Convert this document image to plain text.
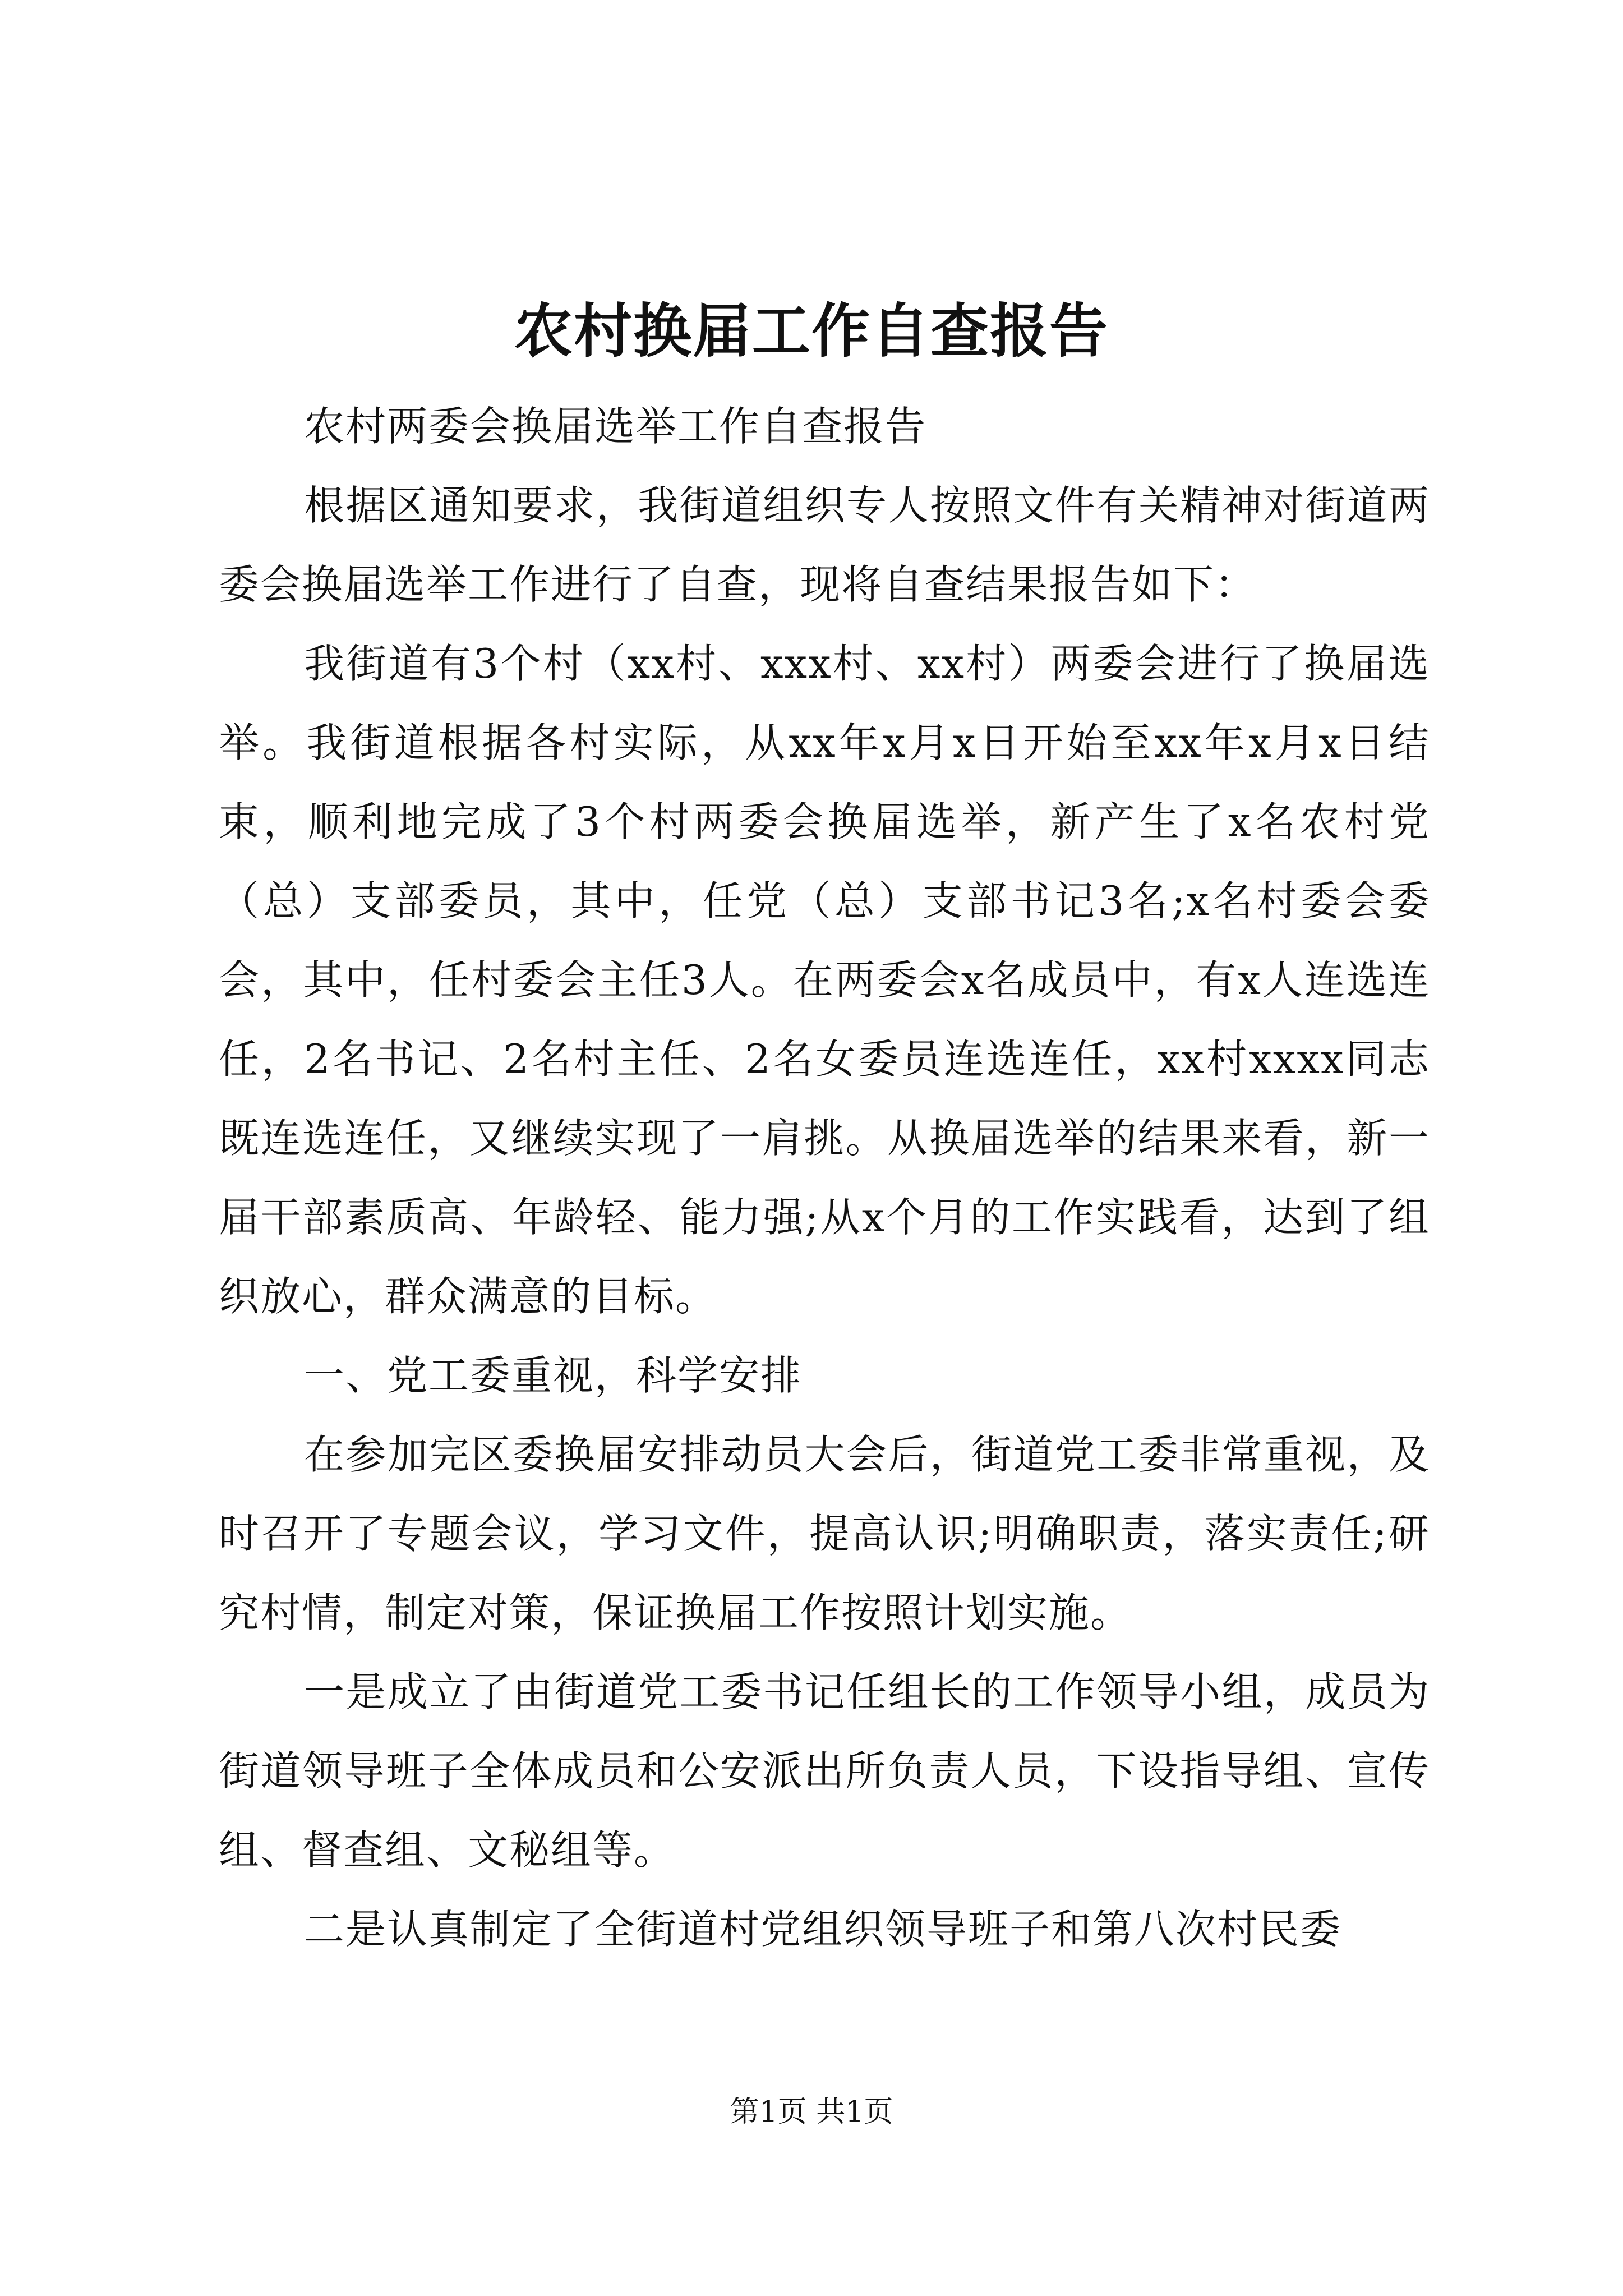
农村换届工作自查报告

农村两委会换届选举工作自查报告

根据区通知要求，我街道组织专人按照文件有关精神对街道两委会换届选举工作进行了自查，现将自查结果报告如下：

我街道有3个村（xx村、xxx村、xx村）两委会进行了换届选举。我街道根据各村实际，从xx年x月x日开始至xx年x月x日结束，顺利地完成了3个村两委会换届选举，新产生了x名农村党（总）支部委员，其中，任党（总）支部书记3名;x名村委会委会，其中，任村委会主任3人。在两委会x名成员中，有x人连选连任，2名书记、2名村主任、2名女委员连选连任，xx村xxxx同志既连选连任，又继续实现了一肩挑。从换届选举的结果来看，新一届干部素质高、年龄轻、能力强;从x个月的工作实践看，达到了组织放心，群众满意的目标。

一、党工委重视，科学安排

在参加完区委换届安排动员大会后，街道党工委非常重视，及时召开了专题会议，学习文件，提高认识;明确职责，落实责任;研究村情，制定对策，保证换届工作按照计划实施。

一是成立了由街道党工委书记任组长的工作领导小组，成员为街道领导班子全体成员和公安派出所负责人员，下设指导组、宣传组、督查组、文秘组等。

二是认真制定了全街道村党组织领导班子和第八次村民委

第1页 共1页
